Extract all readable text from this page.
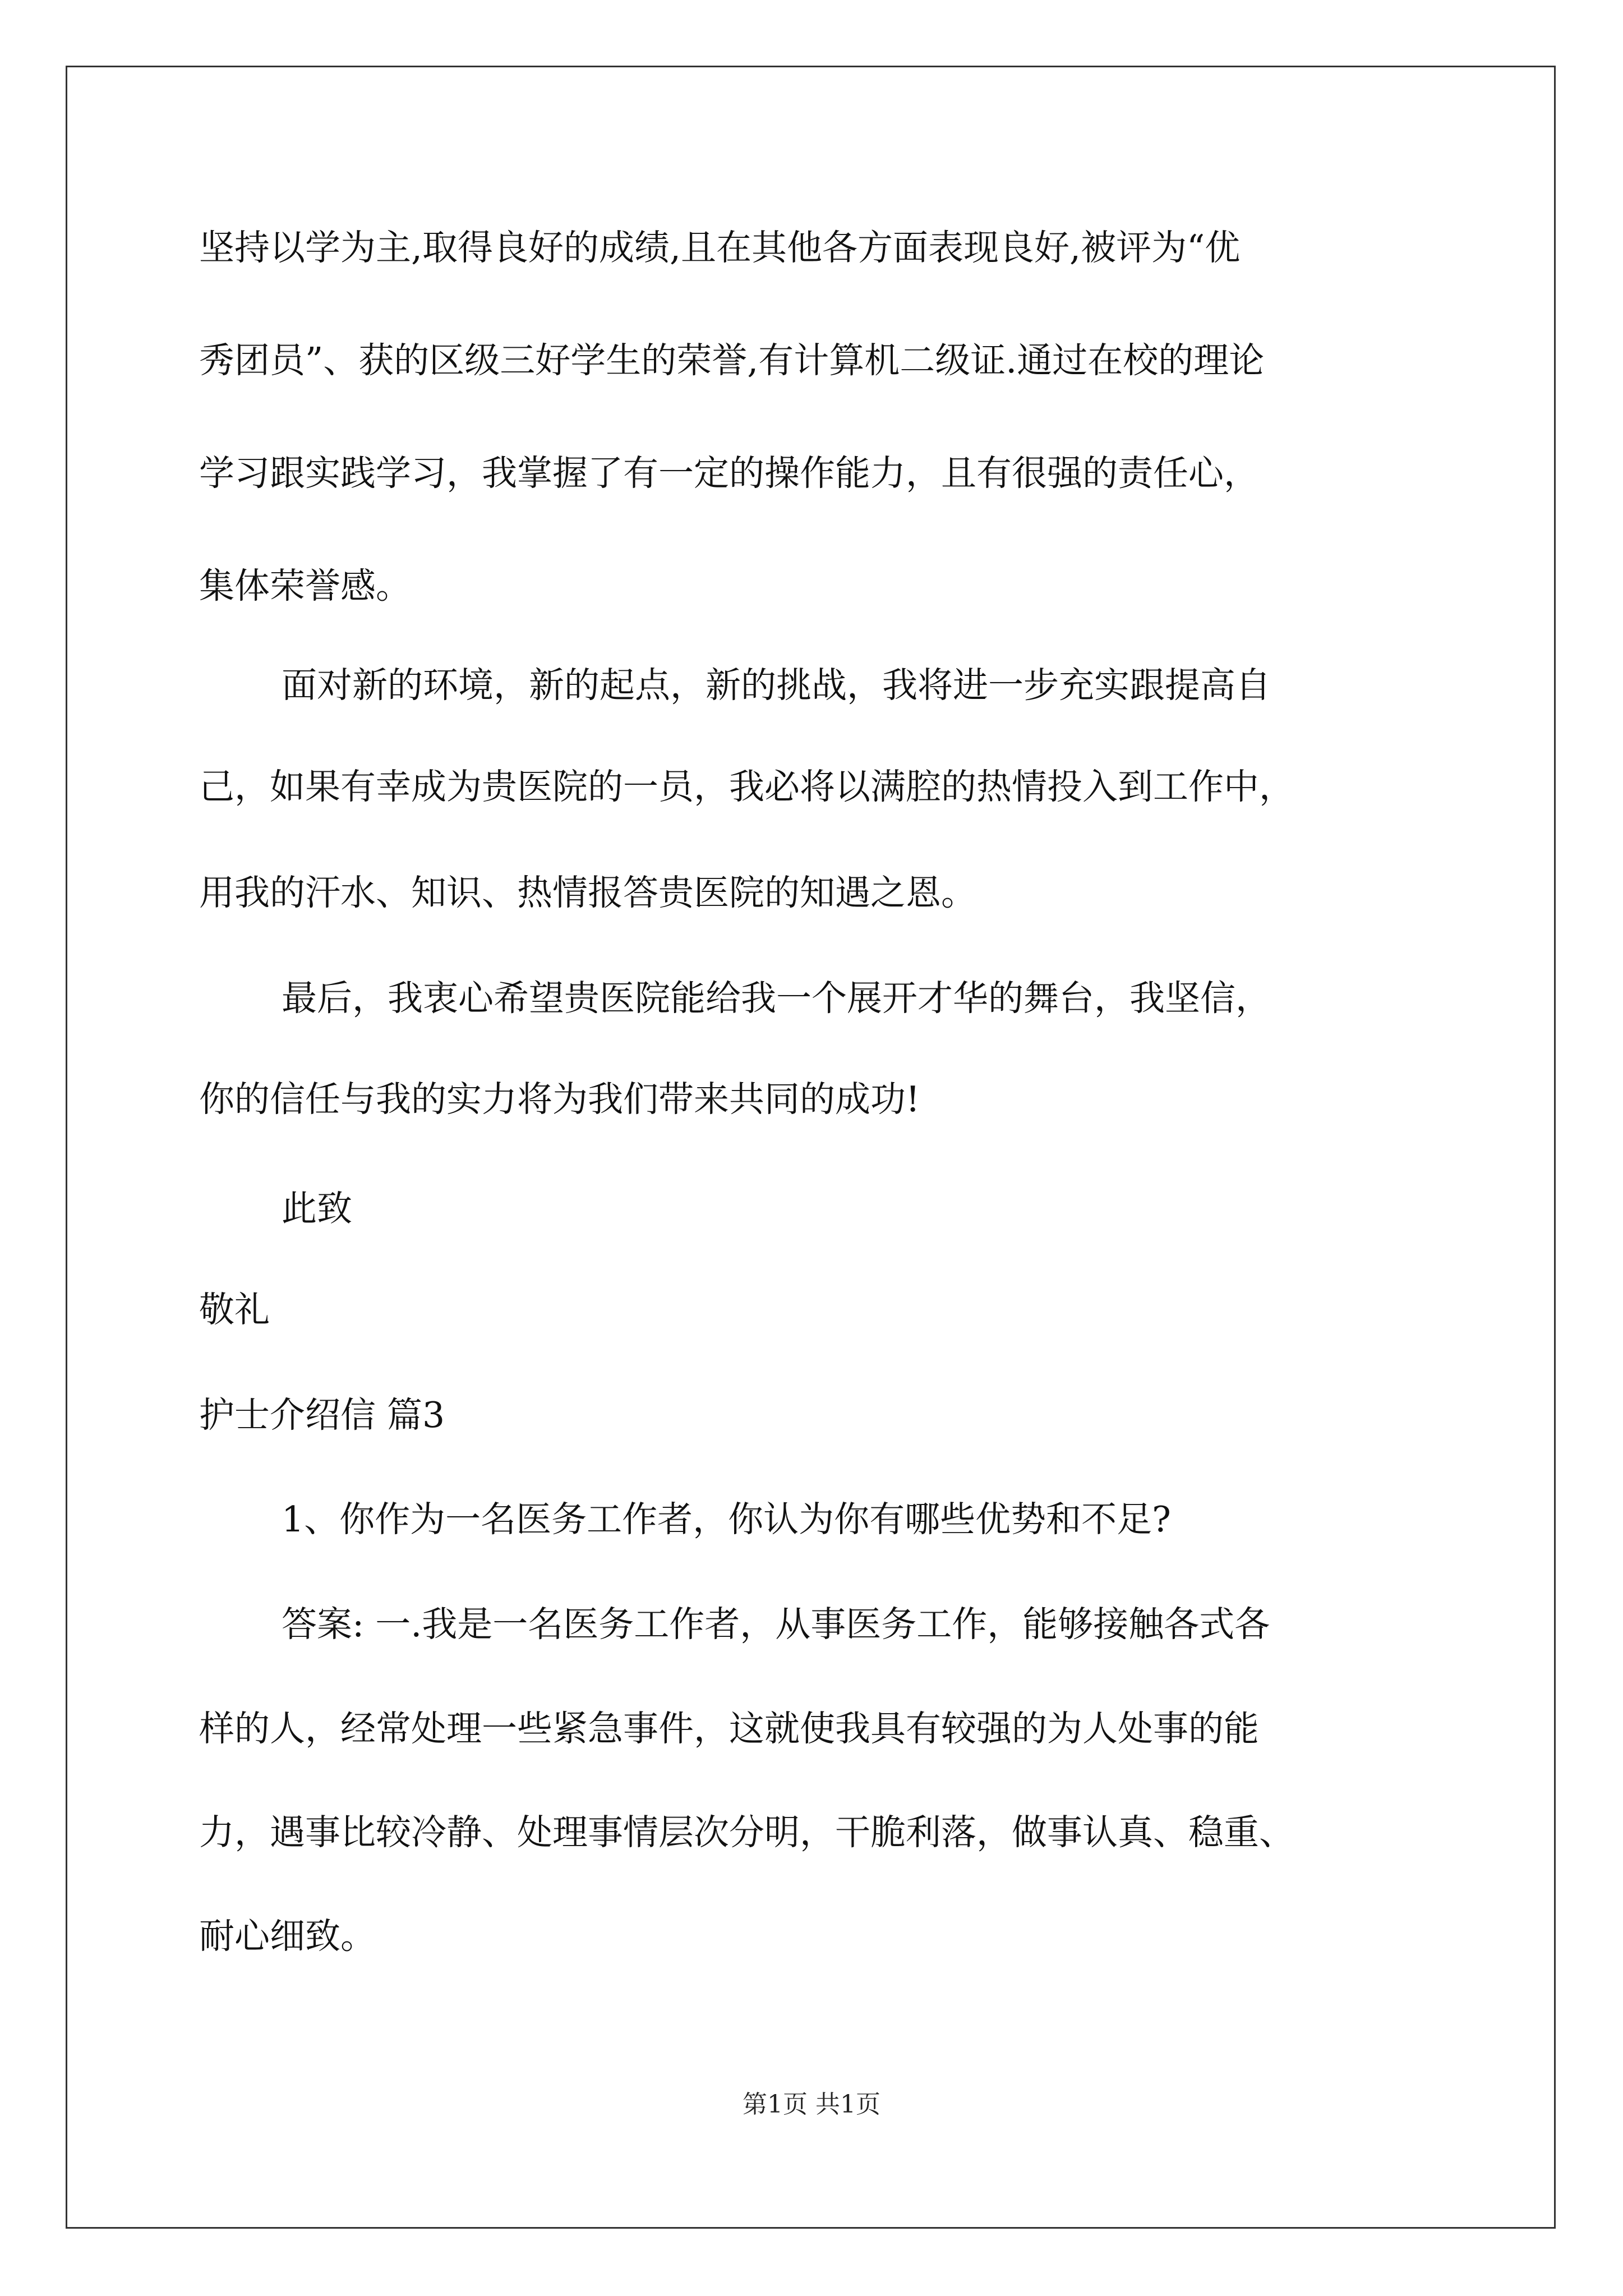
坚持以学为主,取得良好的成绩,且在其他各方面表现良好,被评为“优
秀团员”、获的区级三好学生的荣誉,有计算机二级证.通过在校的理论
学习跟实践学习，我掌握了有一定的操作能力，且有很强的责任心，
集体荣誉感。
面对新的环境，新的起点，新的挑战，我将进一步充实跟提高自
己，如果有幸成为贵医院的一员，我必将以满腔的热情投入到工作中，
用我的汗水、知识、热情报答贵医院的知遇之恩。
最后，我衷心希望贵医院能给我一个展开才华的舞台，我坚信，
你的信任与我的实力将为我们带来共同的成功!
此致
敬礼
护士介绍信 篇3
1、你作为一名医务工作者，你认为你有哪些优势和不足?
答案: 一.我是一名医务工作者，从事医务工作，能够接触各式各
样的人，经常处理一些紧急事件，这就使我具有较强的为人处事的能
力，遇事比较冷静、处理事情层次分明，干脆利落，做事认真、稳重、
耐心细致。
第1页 共1页
